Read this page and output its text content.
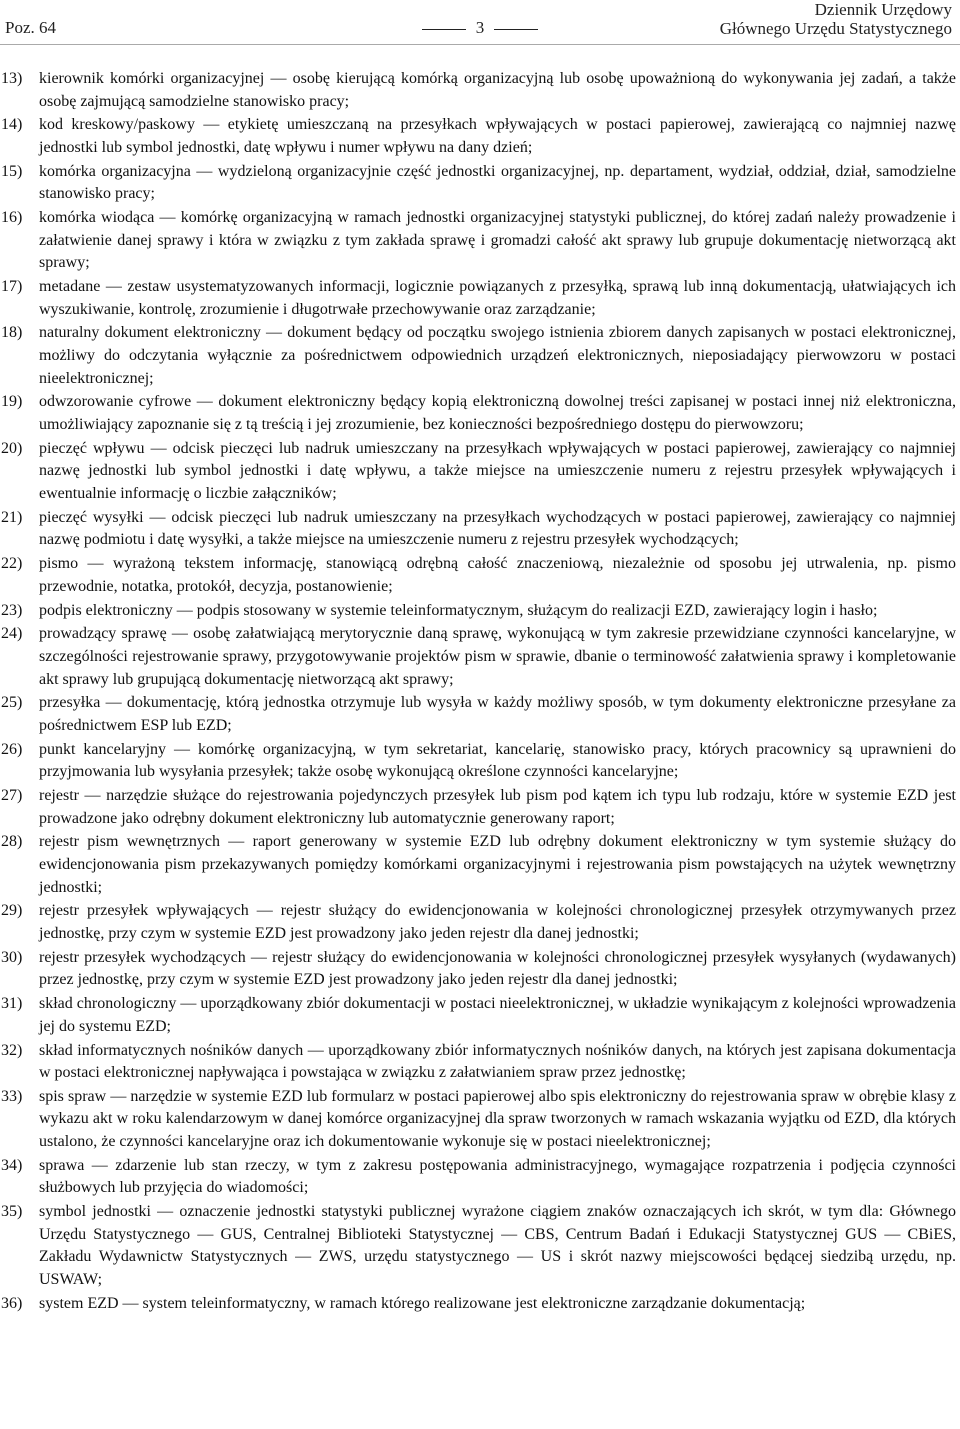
Poz. 64	3
Dziennik Urzędowy
Głównego Urzędu Statystycznego
13)	kierownik komórki organizacyjnej — osobę kierującą komórką organizacyjną lub osobę upoważnioną do wykonywania jej zadań, a także osobę zajmującą samodzielne stanowisko pracy;
14)	kod kreskowy/paskowy — etykietę umieszczaną na przesyłkach wpływających w postaci papierowej, zawierającą co najmniej nazwę jednostki lub symbol jednostki, datę wpływu i numer wpływu na dany dzień;
15)	komórka organizacyjna — wydzieloną organizacyjnie część jednostki organizacyjnej, np. departament, wydział, oddział, dział, samodzielne stanowisko pracy;
16)	komórka wiodąca — komórkę organizacyjną w ramach jednostki organizacyjnej statystyki publicznej, do której zadań należy prowadzenie i załatwienie danej sprawy i która w związku z tym zakłada sprawę i gromadzi całość akt sprawy lub grupuje dokumentację nietworzącą akt sprawy;
17)	metadane — zestaw usystematyzowanych informacji, logicznie powiązanych z przesyłką, sprawą lub inną dokumentacją, ułatwiających ich wyszukiwanie, kontrolę, zrozumienie i długotrwałe przechowywanie oraz zarządzanie;
18)	naturalny dokument elektroniczny — dokument będący od początku swojego istnienia zbiorem danych zapisanych w postaci elektronicznej, możliwy do odczytania wyłącznie za pośrednictwem odpowiednich urządzeń elektronicznych, nieposiadający pierwowzoru w postaci nieelektronicznej;
19)	odwzorowanie cyfrowe — dokument elektroniczny będący kopią elektroniczną dowolnej treści zapisanej w postaci innej niż elektroniczna, umożliwiający zapoznanie się z tą treścią i jej zrozumienie, bez konieczności bezpośredniego dostępu do pierwowzoru;
20)	pieczęć wpływu — odcisk pieczęci lub nadruk umieszczany na przesyłkach wpływających w postaci papierowej, zawierający co najmniej nazwę jednostki lub symbol jednostki i datę wpływu, a także miejsce na umieszczenie numeru z rejestru przesyłek wpływających i ewentualnie informację o liczbie załączników;
21)	pieczęć wysyłki — odcisk pieczęci lub nadruk umieszczany na przesyłkach wychodzących w postaci papierowej, zawierający co najmniej nazwę podmiotu i datę wysyłki, a także miejsce na umieszczenie numeru z rejestru przesyłek wychodzących;
22)	pismo — wyrażoną tekstem informację, stanowiącą odrębną całość znaczeniową, niezależnie od sposobu jej utrwalenia, np. pismo przewodnie, notatka, protokół, decyzja, postanowienie;
23)	podpis elektroniczny — podpis stosowany w systemie teleinformatycznym, służącym do realizacji EZD, zawierający login i hasło;
24)	prowadzący sprawę — osobę załatwiającą merytorycznie daną sprawę, wykonującą w tym zakresie przewidziane czynności kancelaryjne, w szczególności rejestrowanie sprawy, przygotowywanie projektów pism w sprawie, dbanie o terminowość załatwienia sprawy i kompletowanie akt sprawy lub grupującą dokumentację nietworzącą akt sprawy;
25)	przesyłka — dokumentację, którą jednostka otrzymuje lub wysyła w każdy możliwy sposób, w tym dokumenty elektroniczne przesyłane za pośrednictwem ESP lub EZD;
26)	punkt kancelaryjny — komórkę organizacyjną, w tym sekretariat, kancelarię, stanowisko pracy, których pracownicy są uprawnieni do przyjmowania lub wysyłania przesyłek; także osobę wykonującą określone czynności kancelaryjne;
27)	rejestr — narzędzie służące do rejestrowania pojedynczych przesyłek lub pism pod kątem ich typu lub rodzaju, które w systemie EZD jest prowadzone jako odrębny dokument elektroniczny lub automatycznie generowany raport;
28)	rejestr pism wewnętrznych — raport generowany w systemie EZD lub odrębny dokument elektroniczny w tym systemie służący do ewidencjonowania pism przekazywanych pomiędzy komórkami organizacyjnymi i rejestrowania pism powstających na użytek wewnętrzny jednostki;
29)	rejestr przesyłek wpływających — rejestr służący do ewidencjonowania w kolejności chronologicznej przesyłek otrzymywanych przez jednostkę, przy czym w systemie EZD jest prowadzony jako jeden rejestr dla danej jednostki;
30)	rejestr przesyłek wychodzących — rejestr służący do ewidencjonowania w kolejności chronologicznej przesyłek wysyłanych (wydawanych) przez jednostkę, przy czym w systemie EZD jest prowadzony jako jeden rejestr dla danej jednostki;
31)	skład chronologiczny — uporządkowany zbiór dokumentacji w postaci nieelektronicznej, w układzie wynikającym z kolejności wprowadzenia jej do systemu EZD;
32)	skład informatycznych nośników danych — uporządkowany zbiór informatycznych nośników danych, na których jest zapisana dokumentacja w postaci elektronicznej napływająca i powstająca w związku z załatwianiem spraw przez jednostkę;
33)	spis spraw — narzędzie w systemie EZD lub formularz w postaci papierowej albo spis elektroniczny do rejestrowania spraw w obrębie klasy z wykazu akt w roku kalendarzowym w danej komórce organizacyjnej dla spraw tworzonych w ramach wskazania wyjątku od EZD, dla których ustalono, że czynności kancelaryjne oraz ich dokumentowanie wykonuje się w postaci nieelektronicznej;
34)	sprawa — zdarzenie lub stan rzeczy, w tym z zakresu postępowania administracyjnego, wymagające rozpatrzenia i podjęcia czynności służbowych lub przyjęcia do wiadomości;
35)	symbol jednostki — oznaczenie jednostki statystyki publicznej wyrażone ciągiem znaków oznaczających ich skrót, w tym dla: Głównego Urzędu Statystycznego — GUS, Centralnej Biblioteki Statystycznej — CBS, Centrum Badań i Edukacji Statystycznej GUS — CBiES, Zakładu Wydawnictw Statystycznych — ZWS, urzędu statystycznego — US i skrót nazwy miejscowości będącej siedzibą urzędu, np. USWAW;
36)	system EZD — system teleinformatyczny, w ramach którego realizowane jest elektroniczne zarządzanie dokumentacją;
